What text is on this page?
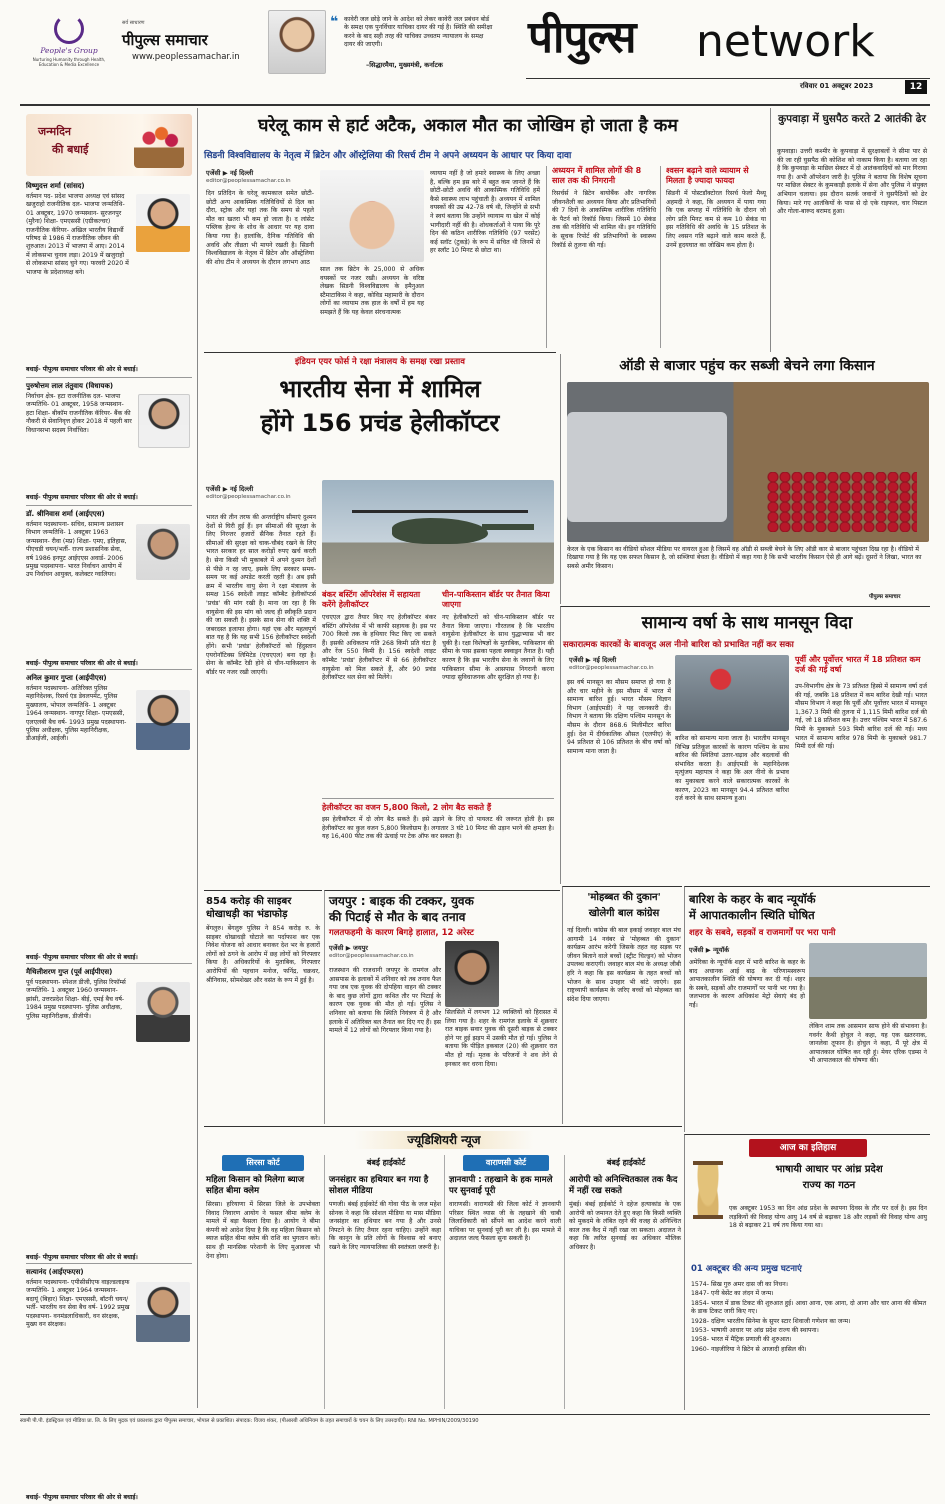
People's Group
Nurturing Humanity through Health, Education & Media Excellence
सर्व साधारण
पीपुल्स समाचार
www.peoplessamachar.in
❝ कावेरी जल छोड़े जाने के आदेश को लेकर कावेरी जल प्रबंधन बोर्ड के समक्ष एक पुनर्विचार याचिका दायर की गई है। स्थिति की समीक्षा करने के बाद सही तरह की याचिका उच्चतम न्यायालय के समक्ष दायर की जाएगी।
–सिद्धारमैया, मुख्यमंत्री, कर्नाटक
पीपुल्स network
रविवार 01 अक्टूबर 2023	12
जन्मदिन
की बधाई
विष्णुदत्त शर्मा (सांसद)
वर्तमान पद- प्रदेश भाजपा अध्यक्ष एवं सांसद खजुराहो राजनीतिक दल- भाजपा जन्मतिथि- 01 अक्टूबर, 1970 जन्मस्थान- सुरजनपुर (मुरैना) शिक्षा- एमएससी (एग्रीकल्चर) राजनीतिक कॅरियर- अखिल भारतीय विद्यार्थी परिषद से 1986 में राजनीतिक जीवन की शुरुआत। 2013 में भाजपा में आए। 2014 में लोकसभा चुनाव लड़ा। 2019 में खजुराहो से लोकसभा सांसद चुने गए। फरवरी 2020 में भाजपा के प्रदेशाध्यक्ष बने।
बधाई- पीपुल्स समाचार परिवार की ओर से बधाई।
पुरुषोत्तम लाल तंतुवाय (विधायक)
निर्वाचन क्षेत्र- हटा राजनीतिक दल- भाजपा जन्मतिथि- 01 अक्टूबर, 1958 जन्मस्थान- हटा शिक्षा- बीकॉम राजनीतिक कॅरियर- बैंक की नौकरी से सेवानिवृत्त होकर 2018 में पहली बार विधानसभा सदस्य निर्वाचित।
बधाई- पीपुल्स समाचार परिवार की ओर से बधाई।
डॉ. श्रीनिवास शर्मा (आईएएस)
वर्तमान पदस्थापना- सचिव, सामान्य प्रशासन विभाग जन्मतिथि- 1 अक्टूबर 1963 जन्मस्थान- रीवा (मप्र) शिक्षा- एमए, इतिहास, पीएचडी चयन/भर्ती- राज्य प्रशासनिक सेवा, वर्ष 1986 इनपुट आईएएस अवार्ड- 2006 प्रमुख पदस्थापना- भारत निर्वाचन आयोग में उप निर्वाचन आयुक्त, कलेक्टर ग्वालियर।
बधाई- पीपुल्स समाचार परिवार की ओर से बधाई।
अनिल कुमार गुप्ता (आईपीएस)
वर्तमान पदस्थापना- अतिरिक्त पुलिस महानिदेशक, रिसर्च एंड डेवलपमेंट, पुलिस मुख्यालय, भोपाल जन्मतिथि- 1 अक्टूबर 1964 जन्मस्थान- नागपुर शिक्षा- एमएससी, एलएलबी बैच वर्ष- 1993 प्रमुख पदस्थापना- पुलिस अधीक्षक, पुलिस महानिरीक्षक, डीआईजी, आईजी।
बधाई- पीपुल्स समाचार परिवार की ओर से बधाई।
मैथिलीशरण गुप्त (पूर्व आईपीएस)
पूर्व पदस्थापना- स्पेशल डीजी, पुलिस रिफॉर्म्स जन्मतिथि- 1 अक्टूबर 1960 जन्मस्थान- झांसी, उत्तरप्रदेश शिक्षा- बीई, एमई बैच वर्ष- 1984 प्रमुख पदस्थापना- पुलिस अधीक्षक, पुलिस महानिरीक्षक, डीजीपी।
बधाई- पीपुल्स समाचार परिवार की ओर से बधाई।
सत्यानंद (आईएफएस)
वर्तमान पदस्थापना- एपीसीसीएफ वाइल्डलाइफ जन्मतिथि- 1 अक्टूबर 1964 जन्मस्थान- बदायूं (बिहार) शिक्षा- एमएससी, बॉटनी चयन/भर्ती- भारतीय वन सेवा बैच वर्ष- 1992 प्रमुख पदस्थापना- वनमंडलाधिकारी, वन संरक्षक, मुख्य वन संरक्षक।
बधाई- पीपुल्स समाचार परिवार की ओर से बधाई।
घरेलू काम से हार्ट अटैक, अकाल मौत का जोखिम हो जाता है कम
सिडनी विश्वविद्यालय के नेतृत्व में ब्रिटेन और ऑस्ट्रेलिया की रिसर्च टीम ने अपने अध्ययन के आधार पर किया दावा
एजेंसी ▶ नई दिल्ली
editor@peoplessamachar.co.in
दिन प्रतिदिन के घरेलू कामकाज समेत छोटी-छोटी अन्य आकस्मिक गतिविधियों से दिल का दौरा, स्ट्रोक और यहां तक कि समय से पहले मौत का खतरा भी कम हो जाता है। द लांसेट पब्लिक हेल्थ के शोध के आधार पर यह दावा किया गया है। हालांकि, दैनिक गतिविधि की अवधि और तीव्रता भी मायने रखती है। सिडनी विश्वविद्यालय के नेतृत्व में ब्रिटेन और ऑस्ट्रेलिया की शोध टीम ने अध्ययन के दौरान लगभग आठ
साल तक ब्रिटेन के 25,000 से अधिक वयस्कों पर नजर रखी। अध्ययन के वरिष्ठ लेखक सिडनी विश्वविद्यालय के इमैनुअल स्टैमाटाकिस ने कहा, कोविड महामारी के दौरान लोगों का व्यायाम तक हाल के वर्षों में हम यह समझते हैं कि यह केवल संरचनात्मक
व्यायाम नहीं है जो हमारे स्वास्थ्य के लिए अच्छा है, बल्कि हम इस बारे में बहुत कम जानते हैं कि छोटी-छोटी अवधि की आकस्मिक गतिविधि हमें कैसे स्वास्थ्य लाभ पहुंचाती है। अध्ययन में शामिल वयस्कों की उम्र 42-78 वर्ष थी, जिन्होंने से सभी ने स्वयं बताया कि उन्होंने व्यायाम या खेल में कोई भागीदारी नहीं की है। शोधकर्ताओं ने पाया कि पूरे दिन की कठिन शारीरिक गतिविधि (97 परसेंट) कई स्लॉट (टुकड़े) के रूप में संचित थी जिनमें से हर स्लॉट 10 मिनट से छोटा था।
अध्ययन में शामिल लोगों की 8 साल तक की निगरानी
रिसर्चर्स ने ब्रिटेन बायोबैंक और नागरिक जीवनशैली का अध्ययन किया और प्रतिभागियों की 7 दिनों के आकस्मिक शारीरिक गतिविधि के पैटर्न को रिकॉर्ड किया। जिसमें 10 सेकंड तक की गतिविधि भी शामिल थी। इन गतिविधि के सूचक रिपोर्ट की प्रतिभागियों के स्वास्थ्य रिकॉर्ड से तुलना की गई।
श्वसन बढ़ाने वाले व्यायाम से मिलता है ज्यादा फायदा
सिडनी में पोस्टडॉक्टोरल रिसर्च फेलो मैथ्यू अहमदी ने कहा, कि अध्ययन में पाया गया कि एक सप्ताह में गतिविधि के दौरान जो लोग प्रति मिनट कम से कम 10 सेकंड या इस गतिविधि की अवधि के 15 प्रतिशत के लिए श्वसन गति बढ़ाने वाले काम करते हैं, उनमें हृदयघात का जोखिम कम होता है।
कुपवाड़ा में घुसपैठ करते 2 आतंकी ढेर
कुपवाड़ा। उत्तरी कश्मीर के कुपवाड़ा में सुरक्षाबलों ने सीमा पार से की जा रही घुसपैठ की कोशिश को नाकाम किया है। बताया जा रहा है कि कुपवाड़ा के माछिल सेक्टर में दो आतंकवादियों को मार गिराया गया है। अभी ऑपरेशन जारी है। पुलिस ने बताया कि विशेष सूचना पर माछिल सेक्टर के कुमकाड़ी इलाके में सेना और पुलिस ने संयुक्त अभियान चलाया। इस दौरान सतर्क जवानों ने घुसपैठियों को ढेर किया। मारे गए आतंकियों के पास से दो एके राइफल, चार पिस्टल और गोला-बारूद बरामद हुआ।
इंडियन एयर फोर्स ने रक्षा मंत्रालय के समक्ष रखा प्रस्ताव
भारतीय सेना में शामिल
होंगे 156 प्रचंड हेलीकॉप्टर
एजेंसी ▶ नई दिल्ली
editor@peoplessamachar.co.in
भारत की तीन तरफ की अन्तर्राष्ट्रीय सीमाएं दुश्मन देशों से घिरी हुई हैं। इन सीमाओं की सुरक्षा के लिए निरन्तर हजारों सैनिक तैनात रहते हैं। सीमाओं की सुरक्षा को चाक-चौबंद रखने के लिए भारत सरकार हर साल करोड़ों रुपए खर्च करती है। सेना किसी भी मुकाबले में अपने दुश्मन देशों से पीछे न रह जाए, इसके लिए सरकार समय-समय पर कई अपडेट करती रहती है। अब इसी क्रम में भारतीय वायु सेना ने रक्षा मंत्रालय के समक्ष 156 स्वदेशी लाइट कॉम्बैट हेलीकॉप्टर्स 'प्रचंड' की मांग रखी है। माना जा रहा है कि वायुसेना की इस मांग को जल्द ही स्वीकृति प्रदान की जा सकती है। इसके साथ सेना की शक्ति में जबरदस्त इजाफा होगा। यहां एक और महत्वपूर्ण बात यह है कि यह सभी 156 हेलीकॉप्टर स्वदेशी होंगे। सभी 'प्रचंड' हेलीकॉप्टरों को हिंदुस्तान एयरोनॉटिक्स लिमिटेड (एचएएल) बना रहा है। सेना के कॉम्बैट रेडी होने से चीन-पाकिस्तान के बॉर्डर पर नजर रखी जाएगी।
बंकर बस्टिंग ऑपरेशंस में सहायता करेंगे हेलीकॉप्टर
एचएएल द्वारा तैयार किए गए हेलीकॉप्टर बंकर बस्टिंग ऑपरेशंस में भी काफी सहायक है। इस पर 700 किलो तक के हथियार फिट किए जा सकते हैं। इसकी अधिकतम गति 268 किमी प्रति घंटा है और रेंज 550 किमी है। 156 स्वदेशी लाइट कॉम्बैट 'प्रचंड' हेलीकॉप्टर में से 66 हेलीकॉप्टर वायुसेना को मिल सकते हैं, और 90 प्रचंड हेलीकॉप्टर थल सेना को मिलेंगे।
चीन-पाकिस्तान बॉर्डर पर तैनात किया जाएगा
नए हेलीकॉप्टरों को चीन-पाकिस्तान बॉर्डर पर तैनात किया जाएगा। गौरतलब है कि भारतीय वायुसेना हेलीकॉप्टर के साथ युद्धाभ्यास भी कर चुकी है। रक्षा विशेषज्ञों के मुताबिक, पाकिस्तान की सीमा के पास इसका पहला स्क्वाड्रन तैनात है। यही कारण है कि इस भारतीय सेना के जवानों के लिए पाकिस्तान सीमा के आसपास निगरानी करना ज्यादा सुविधाजनक और सुरक्षित हो गया है।
हेलीकॉप्टर का वजन 5,800 किलो, 2 लोग बैठ सकते हैं
इस हेलीकॉप्टर में दो लोग बैठ सकते हैं। इसे उड़ाने के लिए दो पायलट की जरूरत होती है। इस हेलीकॉप्टर का कुल वजन 5,800 किलोग्राम है। लगातार 3 घंटे 10 मिनट की उड़ान भरने की क्षमता है। यह 16,400 फीट तक की ऊंचाई पर टेक ऑफ कर सकता है।
ऑडी से बाजार पहुंच कर सब्जी बेचने लगा किसान
केरल के एक किसान का वीडियो सोशल मीडिया पर वायरल हुआ है जिसमें वह ऑडी से सब्जी बेचने के लिए ऑडी कार से बाजार पहुंचता दिख रहा है। वीडियो में दिखाया गया है कि यह एक सफल किसान है, जो सब्जियां बेचता है। वीडियो में कहा गया है कि सभी भारतीय किसान ऐसे ही आगे बढ़ें। दूसरों ने लिखा, भारत का सबसे अमीर किसान।
पीपुल्स समाचार
सामान्य वर्षा के साथ मानसून विदा
सकारात्मक कारकों के बावजूद अल नीनो बारिश को प्रभावित नहीं कर सका
एजेंसी ▶ नई दिल्ली
editor@peoplessamachar.co.in
इस वर्ष मानसून का मौसम समाप्त हो गया है और चार महीने के इस मौसम में भारत में सामान्य बारिश हुई। भारत मौसम विज्ञान विभाग (आईएमडी) ने यह जानकारी दी। विभाग ने बताया कि दक्षिण पश्चिम मानसून के मौसम के दौरान 868.6 मिलीमीटर बारिश हुई। देश में दीर्घकालिक औसत (एलपीए) के 94 प्रतिशत से 106 प्रतिशत के बीच वर्षा को सामान्य माना जाता है।
बारिश को सामान्य माना जाता है। भारतीय मानसून विभिन्न प्रतिकूल कारकों के कारण पश्चिम के साथ बारिश की स्थितियां उतार-चढ़ाव और बदलावों की संभावित करता है। आईएमडी के महानिदेशक मृत्युंजय महापात्र ने कहा कि अल नीनो के प्रभाव का मुकाबला करने वाले सकारात्मक कारकों के कारण, 2023 का मानसून 94.4 प्रतिशत बारिश दर्ज करने के साथ सामान्य हुआ।
पूर्वी और पूर्वोत्तर भारत में 18 प्रतिशत कम दर्ज की गई वर्षा
उप-विभागीय क्षेत्र के 73 प्रतिशत हिस्से में सामान्य वर्षा दर्ज की गई, जबकि 18 प्रतिशत में कम बारिश देखी गई। भारत मौसम विभाग ने कहा कि पूर्वी और पूर्वोत्तर भारत में मानसून 1,367.3 मिमी की तुलना में 1,115 मिमी बारिश दर्ज की गई, जो 18 प्रतिशत कम है। उत्तर पश्चिम भारत में 587.6 मिमी के मुकाबले 593 मिमी बारिश दर्ज की गई। मध्य भारत में सामान्य बारिश 978 मिमी के मुकाबले 981.7 मिमी दर्ज की गई।
854 करोड़ की साइबर धोखाधड़ी का भंडाफोड़
बेंगलुरु। बेंगलुरु पुलिस ने 854 करोड़ रु. के साइबर धोखाधड़ी घोटाले का पर्दाफाश कर एक निवेश योजना को आधार बनाकर देश भर के हजारों लोगों को ठगने के आरोप में छह लोगों को गिरफ्तार किया है। अधिकारियों के मुताबिक, गिरफ्तार आरोपियों की पहचान मनोज, फनिंद्र, चक्रधर, श्रीनिवास, सोमशेखर और वसंत के रूप में हुई है।
जयपुर : बाइक की टक्कर, युवक
की पिटाई से मौत के बाद तनाव
गलतफहमी के कारण बिगड़े हालात, 12 अरेस्ट
एजेंसी ▶ जयपुर
editor@peoplessamachar.co.in
राजस्थान की राजधानी जयपुर के रामगंज और आसपास के इलाकों में शनिवार को तब तनाव फैल गया जब एक युवक की दोपहिया वाहन की टक्कर के बाद कुछ लोगों द्वारा कथित तौर पर पिटाई के कारण एक युवक की मौत हो गई। पुलिस ने शनिवार को बताया कि स्थिति नियंत्रण में है और इलाके में अतिरिक्त बल तैनात कर दिए गए हैं। इस मामले में 12 लोगों को गिरफ्तार किया गया है।
सिलसिले में लगभग 12 व्यक्तियों को हिरासत में लिया गया है। शहर के रामगंज इलाके में शुक्रवार रात बाइक सवार युवक की दूसरी बाइक से टक्कर होने पर हुई झड़प में उसकी मौत हो गई। पुलिस ने बताया कि पीड़ित इकबाल (20) की शुक्रवार रात मौत हो गई। मृतक के परिजनों ने शव लेने से इनकार कर धरना दिया।
'मोहब्बत की दुकान'
खोलेगी बाल कांग्रेस
नई दिल्ली। कांग्रेस की बाल इकाई जवाहर बाल मंच आगामी 14 नवंबर से 'मोहब्बत की दुकान' कार्यक्रम आरंभ करेगी जिसके तहत वह सड़क पर जीवन बिताने वाले बच्चों (स्ट्रीट चिल्ड्रन) को भोजन उपलब्ध कराएगी। जवाहर बाल मंच के अध्यक्ष जीबी हरि ने कहा कि इस कार्यक्रम के तहत बच्चों को भोजन के साथ उपहार भी बांटे जाएंगे। इस राष्ट्रव्यापी कार्यक्रम के जरिए बच्चों को मोहब्बत का संदेश दिया जाएगा।
बारिश के कहर के बाद न्यूयॉर्क
में आपातकालीन स्थिति घोषित
शहर के सबवे, सड़कों व राजमार्गों पर भरा पानी
एजेंसी ▶ न्यूयॉर्क
अमेरिका के न्यूयॉर्क शहर में भारी बारिश के कहर के बाद अचानक आई बाढ़ के परिणामस्वरूप आपातकालीन स्थिति की घोषणा कर दी गई। शहर के सबवे, सड़कों और राजमार्गों पर पानी भर गया है। जलभराव के कारण अधिकांश मेट्रो सेवाएं बंद हो गईं।
लेकिन शाम तक आसमान साफ होने की संभावना है। गवर्नर कैथी होचुल ने कहा, यह एक खतरनाक, जानलेवा तूफान है। होचुल ने कहा, मैं पूरे क्षेत्र में आपातकाल घोषित कर रही हूं। मेयर एरिक एडम्स ने भी आपातकाल की घोषणा की।
ज्यूडिशियरी न्यूज
सिरसा कोर्ट
महिला किसान को मिलेगा ब्याज सहित बीमा क्लेम
सिरसा। हरियाणा में सिरसा जिले के उपभोक्ता विवाद निवारण आयोग ने फसल बीमा क्लेम के मामले में बड़ा फैसला दिया है। आयोग ने बीमा कंपनी को आदेश दिया है कि वह महिला किसान को ब्याज सहित बीमा क्लेम की राशि का भुगतान करे। साथ ही मानसिक परेशानी के लिए मुआवजा भी देना होगा।
बंबई हाईकोर्ट
जनसंहार का हथियार बन गया है सोशल मीडिया
पणजी। बंबई हाईकोर्ट की गोवा पीठ के जज महेश सोनक ने कहा कि सोशल मीडिया या मास मीडिया जनसंहार का हथियार बन गया है और उनसे निपटने के लिए तैयार रहना चाहिए। उन्होंने कहा कि कानून के प्रति लोगों के विश्वास को बनाए रखने के लिए न्यायपालिका की स्वतंत्रता जरूरी है।
वाराणसी कोर्ट
ज्ञानवापी : तहखाने के हक मामले पर सुनवाई पूरी
वाराणसी। वाराणसी की जिला कोर्ट ने ज्ञानवापी परिसर स्थित व्यास जी के तहखाने की चाबी जिलाधिकारी को सौंपने का आदेश करने वाली याचिका पर सुनवाई पूरी कर ली है। इस मामले में अदालत जल्द फैसला सुना सकती है।
बंबई हाईकोर्ट
आरोपी को अनिश्चितकाल तक कैद में नहीं रख सकते
मुंबई। बंबई हाईकोर्ट ने दहेज हत्याकांड के एक आरोपी को जमानत देते हुए कहा कि किसी व्यक्ति को मुकदमे के लंबित रहने की वजह से अनिश्चित काल तक कैद में नहीं रखा जा सकता। अदालत ने कहा कि त्वरित सुनवाई का अधिकार मौलिक अधिकार है।
आज का इतिहास
भाषायी आधार पर आंध्र प्रदेश
राज्य का गठन
एक अक्टूबर 1953 का दिन आंध्र प्रदेश के स्थापना दिवस के तौर पर दर्ज है। इस दिन लड़कियों की विवाह योग्य आयु 14 वर्ष से बढ़ाकर 18 और लड़कों की विवाह योग्य आयु 18 से बढ़ाकर 21 वर्ष तय किया गया था।
01 अक्टूबर की अन्य प्रमुख घटनाएं
1574- सिख गुरु अमर दास जी का निधन।
1847- एनी बेसेंट का लंदन में जन्म।
1854- भारत में डाक टिकट की शुरुआत हुई। आधा आना, एक आना, दो आना और चार आना की कीमत के डाक टिकट जारी किए गए।
1928- दक्षिण भारतीय सिनेमा के सुपर स्टार शिवाजी गणेशन का जन्म।
1953- भाषायी आधार पर आंध्र प्रदेश राज्य की स्थापना।
1958- भारत में मैट्रिक प्रणाली की शुरुआत।
1960- नाइजीरिया ने ब्रिटेन से आजादी हासिल की।
स्वामी पी.पी. इंडस्ट्रियल एवं मीडिया प्रा. लि. के लिए मुद्रक एवं प्रकाशक द्वारा पीपुल्स समाचार, भोपाल से प्रकाशित। संपादक: विजय शंकर, (पीआरबी अधिनियम के तहत समाचारों के चयन के लिए उत्तरदायी)। RNI No. MPHIN/2009/30190
